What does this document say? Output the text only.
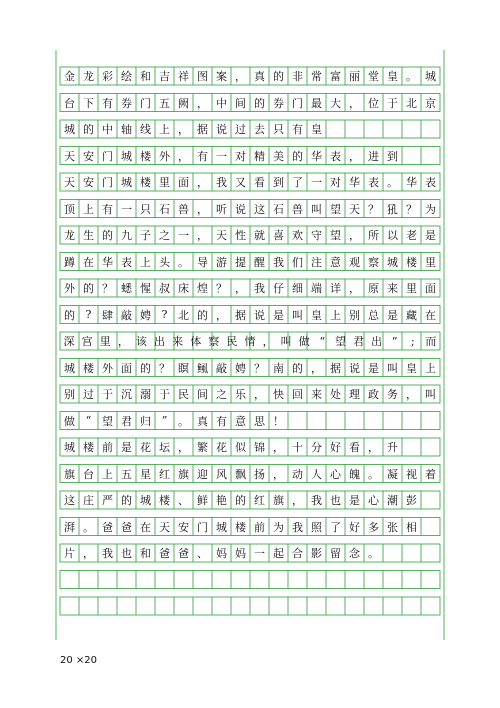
金 龙 彩 绘 和 吉 祥 图 案 ， 真 的 非 常 富 丽 堂 皇 。 城
台 下 有 券 门 五 阙 ， 中 间 的 券 门 最 大 ， 位 于 北 京
城 的 中 轴 线 上 ， 据 说 过 去 只 有 皇
天 安 门 城 楼 外 ， 有 一 对 精 美 的 华 表 ， 进 到
天 安 门 城 楼 里 面 ， 我 又 看 到 了 一 对 华 表 。 华 表
顶 上 有 一 只 石 兽 ， 听 说 这 石 兽 叫 望 天 ？ 犼 ？ 为
龙 生 的 九 子 之 一 ， 天 性 就 喜 欢 守 望 ， 所 以 老 是
蹲 在 华 表 上 头 。 导 游 提 醒 我 们 注 意 观 察 城 楼 里
外 的 ？ 蟋 惺 叔 床 煌 ？ ， 我 仔 细 端 详 ， 原 来 里 面
的 ? 肆 敲 娉 ? 北 的 ， 据 说 是 叫 皇 上 别 总 是 藏 在
深 宫 里 ， 该 出 来 体 察 民 情 ， 叫 做 “ 望 君 出 ”	; 而
城 楼 外 面 的 ？ 瞑 鲺 敲 娉 ？ 南 的 ， 据 说 是 叫 皇 上
别 过 于 沉 溺 于 民 间 之 乐 ， 快 回 来 处 理 政 务 ， 叫
做 “ 望 君 归 ” 。 真 有 意 思 ！
城 楼 前 是 花 坛 ， 繁 花 似 锦 ， 十 分 好 看 ， 升
旗 台 上 五 星 红 旗 迎 风 飘 扬 ， 动 人 心 魄 。 凝 视 着
这 庄 严 的 城 楼 、 鲜 艳 的 红 旗 ， 我 也 是 心 潮 彭
湃 。 爸 爸 在 天 安 门 城 楼 前 为 我 照 了 好 多 张 相
片 ， 我 也 和 爸 爸 、 妈 妈 一 起 合 影 留 念 。
20 ×20
